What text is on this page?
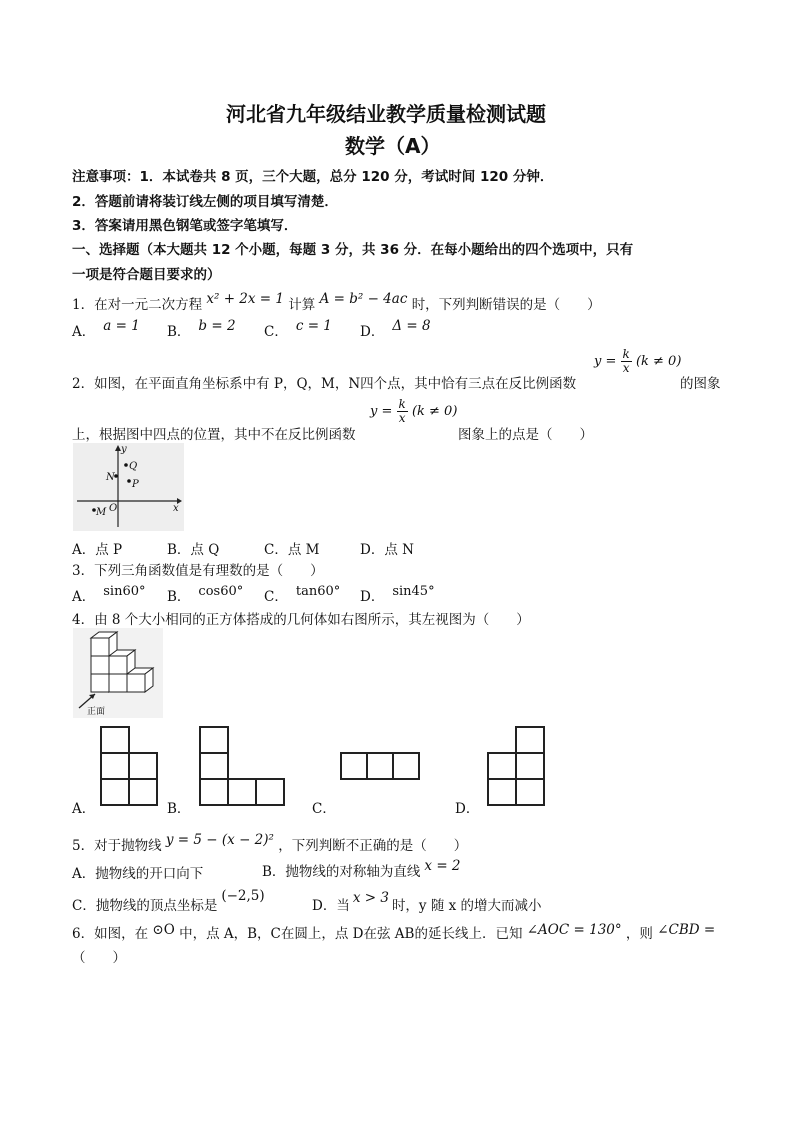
河北省九年级结业教学质量检测试题
数学（A）
注意事项：1．本试卷共 8 页，三个大题，总分 120 分，考试时间 120 分钟．
2．答题前请将装订线左侧的项目填写清楚．
3．答案请用黑色钢笔或签字笔填写．
一、选择题（本大题共 12 个小题，每题 3 分，共 36 分．在每小题给出的四个选项中，只有
一项是符合题目要求的）
1．在对一元二次方程 x² + 2x = 1 计算 A = b² − 4ac 时，下列判断错误的是（　　）
A． a = 1 B． b = 2 C． c = 1 D． Δ = 8
2．如图，在平面直角坐标系中有 P，Q，M，N四个点，其中恰有三点在反比例函数
$y = \frac{k}{x} (k \ne 0)$
的图象
上，根据图中四点的位置，其中不在反比例函数
$y = \frac{k}{x} (k \ne 0)$
图象上的点是（　　）
y
Q
N
P
M O	x
A．点 P	B．点 Q	C．点 M	D．点 N
3．下列三角函数值是有理数的是（　　）
A． sin60° B． cos60° C． tan60° D． sin45°
4．由 8 个大小相同的正方体搭成的几何体如右图所示，其左视图为（　　）
正面
A．	B．	C．	D．
5．对于抛物线 y = 5 − (x − 2)² ，下列判断不正确的是（　　）
A．抛物线的开口向下	B．抛物线的对称轴为直线 x = 2
C．抛物线的顶点坐标是(−2,5)
D．当 x > 3 时，y 随 x 的增大而减小
6．如图，在 ⊙O 中，点 A，B，C在圆上，点 D在弦 AB的延长线上．已知 ∠AOC = 130° ，则 ∠CBD =
（　　）
